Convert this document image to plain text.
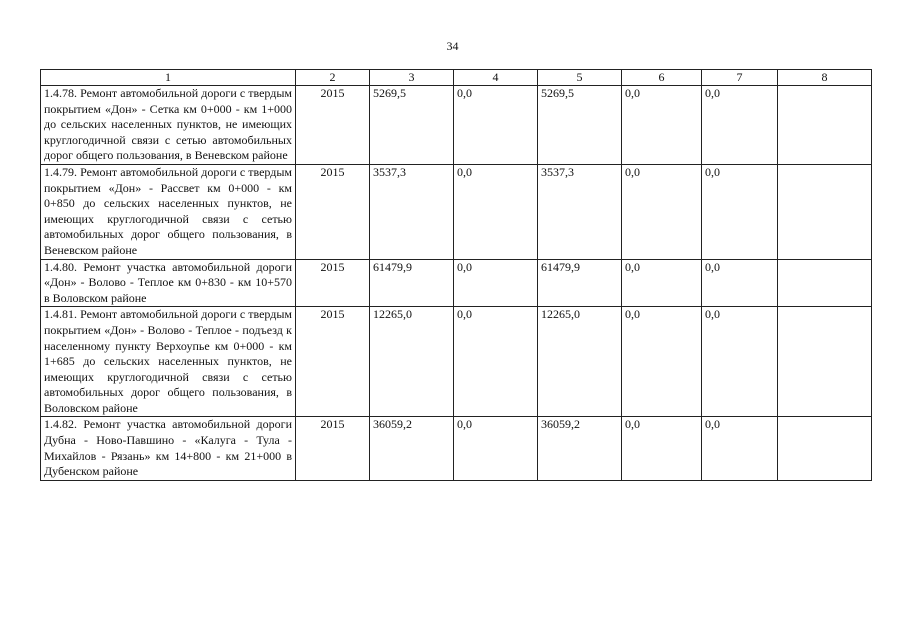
34
1	2	3	4	5	6	7	8
1.4.78. Ремонт автомобильной дороги с твердым покрытием «Дон» - Сетка км 0+000 - км 1+000 до сельских населенных пунктов, не имеющих круглогодичной связи с сетью автомобильных дорог общего пользования, в Веневском районе	2015	5269,5	0,0	5269,5	0,0	0,0	
1.4.79. Ремонт автомобильной дороги с твердым покрытием «Дон» - Рассвет км 0+000 - км 0+850 до сельских населенных пунктов, не имеющих круглогодичной связи с сетью автомобильных дорог общего пользования, в Веневском районе	2015	3537,3	0,0	3537,3	0,0	0,0	
1.4.80. Ремонт участка автомобильной дороги «Дон» - Волово - Теплое км 0+830 - км 10+570 в Воловском районе	2015	61479,9	0,0	61479,9	0,0	0,0	
1.4.81. Ремонт автомобильной дороги с твердым покрытием «Дон» - Волово - Теплое - подъезд к населенному пункту Верхоупье км 0+000 - км 1+685 до сельских населенных пунктов, не имеющих круглогодичной связи с сетью автомобильных дорог общего пользования, в Воловском районе	2015	12265,0	0,0	12265,0	0,0	0,0	
1.4.82. Ремонт участка автомобильной дороги Дубна - Ново-Павшино - «Калуга - Тула - Михайлов - Рязань» км 14+800 - км 21+000 в Дубенском районе	2015	36059,2	0,0	36059,2	0,0	0,0	
